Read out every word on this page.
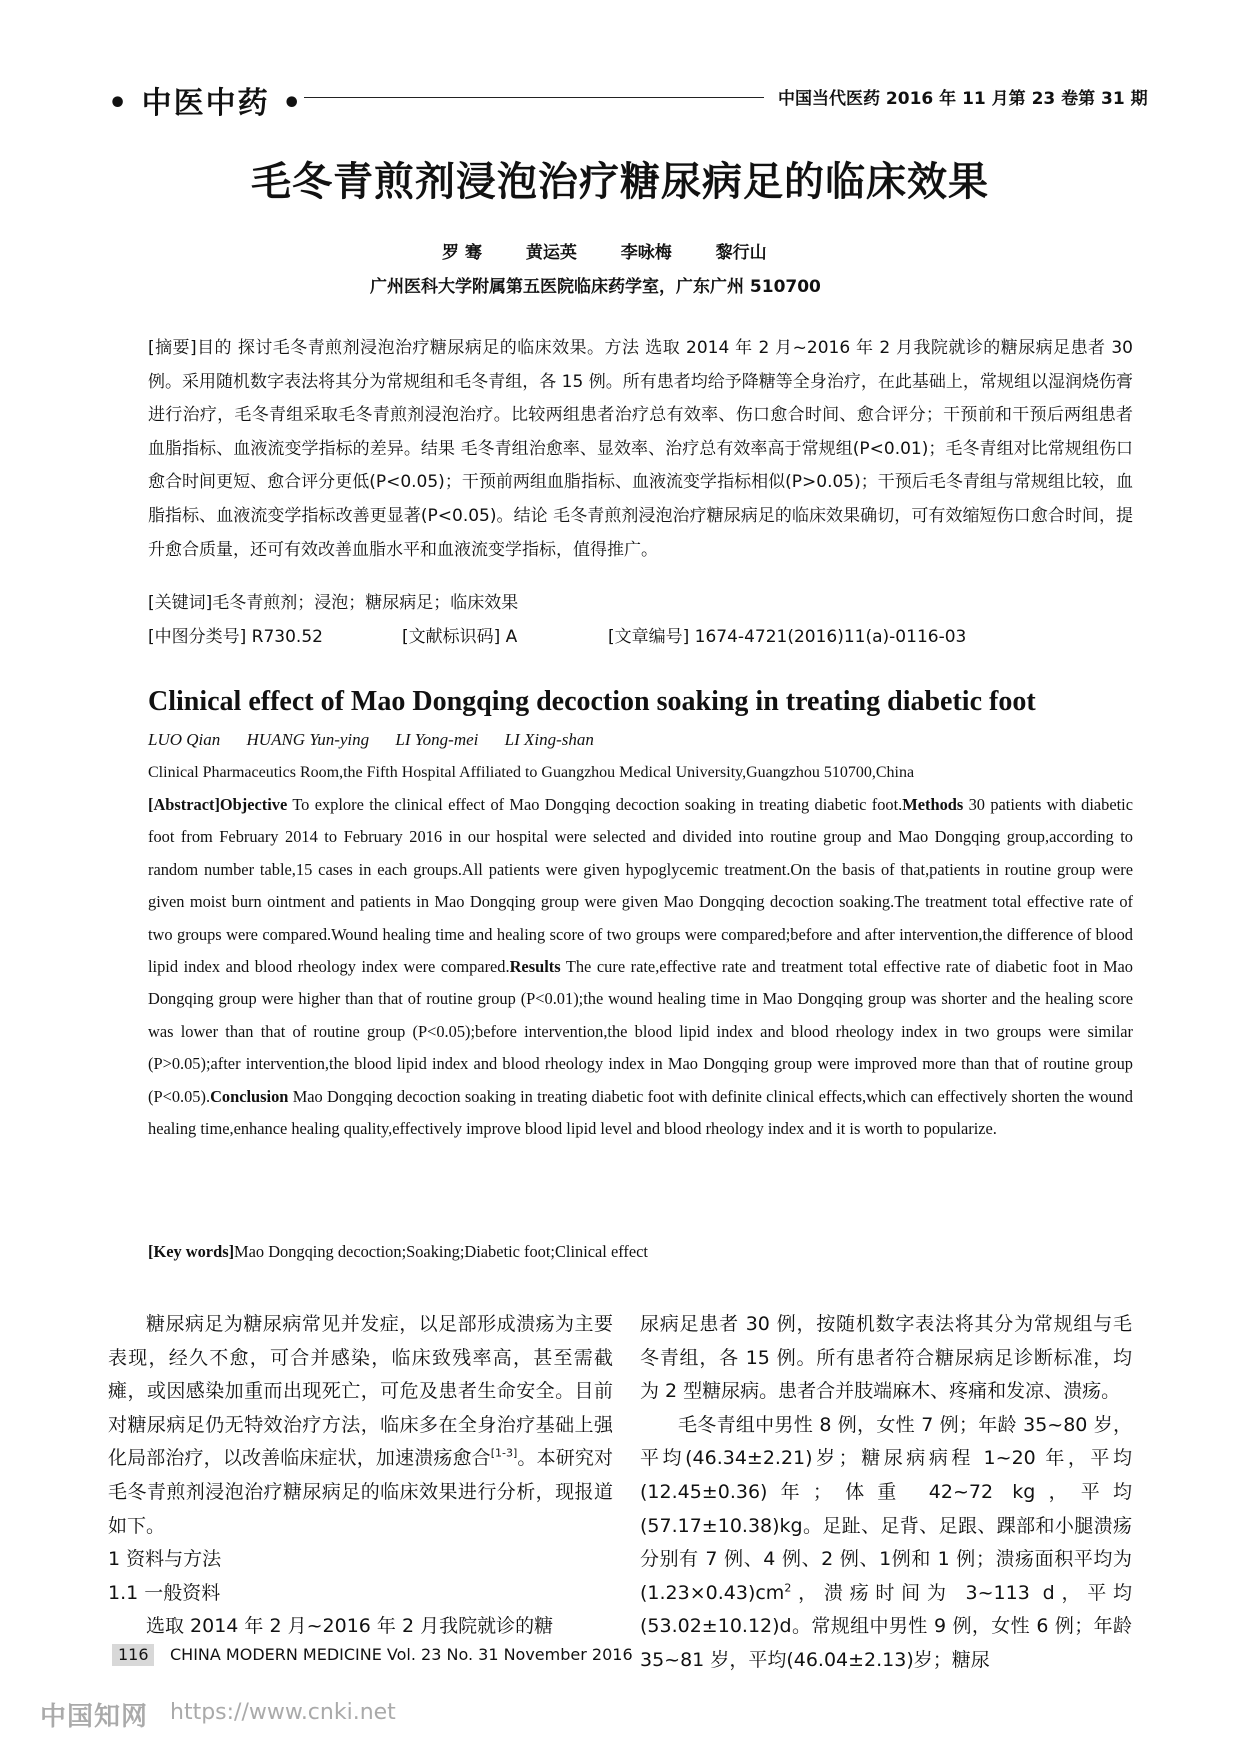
• 中医中药 •	中国当代医药 2016 年 11 月第 23 卷第 31 期
毛冬青煎剂浸泡治疗糖尿病足的临床效果
罗 骞	黄运英	李咏梅	黎行山
广州医科大学附属第五医院临床药学室，广东广州 510700
[摘要]目的 探讨毛冬青煎剂浸泡治疗糖尿病足的临床效果。方法 选取 2014 年 2 月~2016 年 2 月我院就诊的糖尿病足患者 30 例。采用随机数字表法将其分为常规组和毛冬青组，各 15 例。所有患者均给予降糖等全身治疗，在此基础上，常规组以湿润烧伤膏进行治疗，毛冬青组采取毛冬青煎剂浸泡治疗。比较两组患者治疗总有效率、伤口愈合时间、愈合评分；干预前和干预后两组患者血脂指标、血液流变学指标的差异。结果 毛冬青组治愈率、显效率、治疗总有效率高于常规组(P<0.01)；毛冬青组对比常规组伤口愈合时间更短、愈合评分更低(P<0.05)；干预前两组血脂指标、血液流变学指标相似(P>0.05)；干预后毛冬青组与常规组比较，血脂指标、血液流变学指标改善更显著(P<0.05)。结论 毛冬青煎剂浸泡治疗糖尿病足的临床效果确切，可有效缩短伤口愈合时间，提升愈合质量，还可有效改善血脂水平和血液流变学指标，值得推广。
[关键词]毛冬青煎剂；浸泡；糖尿病足；临床效果
[中图分类号] R730.52	[文献标识码] A	[文章编号] 1674-4721(2016)11(a)-0116-03
Clinical effect of Mao Dongqing decoction soaking in treating diabetic foot
LUO Qian HUANG Yun-ying LI Yong-mei LI Xing-shan
Clinical Pharmaceutics Room,the Fifth Hospital Affiliated to Guangzhou Medical University,Guangzhou 510700,China
[Abstract]Objective To explore the clinical effect of Mao Dongqing decoction soaking in treating diabetic foot.Methods 30 patients with diabetic foot from February 2014 to February 2016 in our hospital were selected and divided into routine group and Mao Dongqing group,according to random number table,15 cases in each groups.All patients were given hypoglycemic treatment.On the basis of that,patients in routine group were given moist burn ointment and patients in Mao Dongqing group were given Mao Dongqing decoction soaking.The treatment total effective rate of two groups were compared.Wound healing time and healing score of two groups were compared;before and after intervention,the difference of blood lipid index and blood rheology index were compared.Results The cure rate,effective rate and treatment total effective rate of diabetic foot in Mao Dongqing group were higher than that of routine group (P<0.01);the wound healing time in Mao Dongqing group was shorter and the healing score was lower than that of routine group (P<0.05);before intervention,the blood lipid index and blood rheology index in two groups were similar (P>0.05);after intervention,the blood lipid index and blood rheology index in Mao Dongqing group were improved more than that of routine group (P<0.05).Conclusion Mao Dongqing decoction soaking in treating diabetic foot with definite clinical effects,which can effectively shorten the wound healing time,enhance healing quality,effectively improve blood lipid level and blood rheology index and it is worth to popularize.
[Key words]Mao Dongqing decoction;Soaking;Diabetic foot;Clinical effect

糖尿病足为糖尿病常见并发症，以足部形成溃疡为主要表现，经久不愈，可合并感染，临床致残率高，甚至需截瘫，或因感染加重而出现死亡，可危及患者生命安全。目前对糖尿病足仍无特效治疗方法，临床多在全身治疗基础上强化局部治疗，以改善临床症状，加速溃疡愈合[1-3]。本研究对毛冬青煎剂浸泡治疗糖尿病足的临床效果进行分析，现报道如下。

1 资料与方法

1.1 一般资料

选取 2014 年 2 月~2016 年 2 月我院就诊的糖

尿病足患者 30 例，按随机数字表法将其分为常规组与毛冬青组，各 15 例。所有患者符合糖尿病足诊断标准，均为 2 型糖尿病。患者合并肢端麻木、疼痛和发凉、溃疡。

毛冬青组中男性 8 例，女性 7 例；年龄 35~80 岁，平均(46.34±2.21)岁；糖尿病病程 1~20 年，平均(12.45±0.36)年；体重 42~72 kg，平均(57.17±10.38)kg。足趾、足背、足跟、踝部和小腿溃疡分别有 7 例、4 例、2 例、1例和 1 例；溃疡面积平均为$(1.23\times 0.43)cm^2$，溃疡时间为 3~113 d，平均(53.02±10.12)d。常规组中男性 9 例，女性 6 例；年龄 35~81 岁，平均(46.04±2.13)岁；糖尿

116 CHINA MODERN MEDICINE Vol. 23 No. 31 November 2016
中国知网 https://www.cnki.net
